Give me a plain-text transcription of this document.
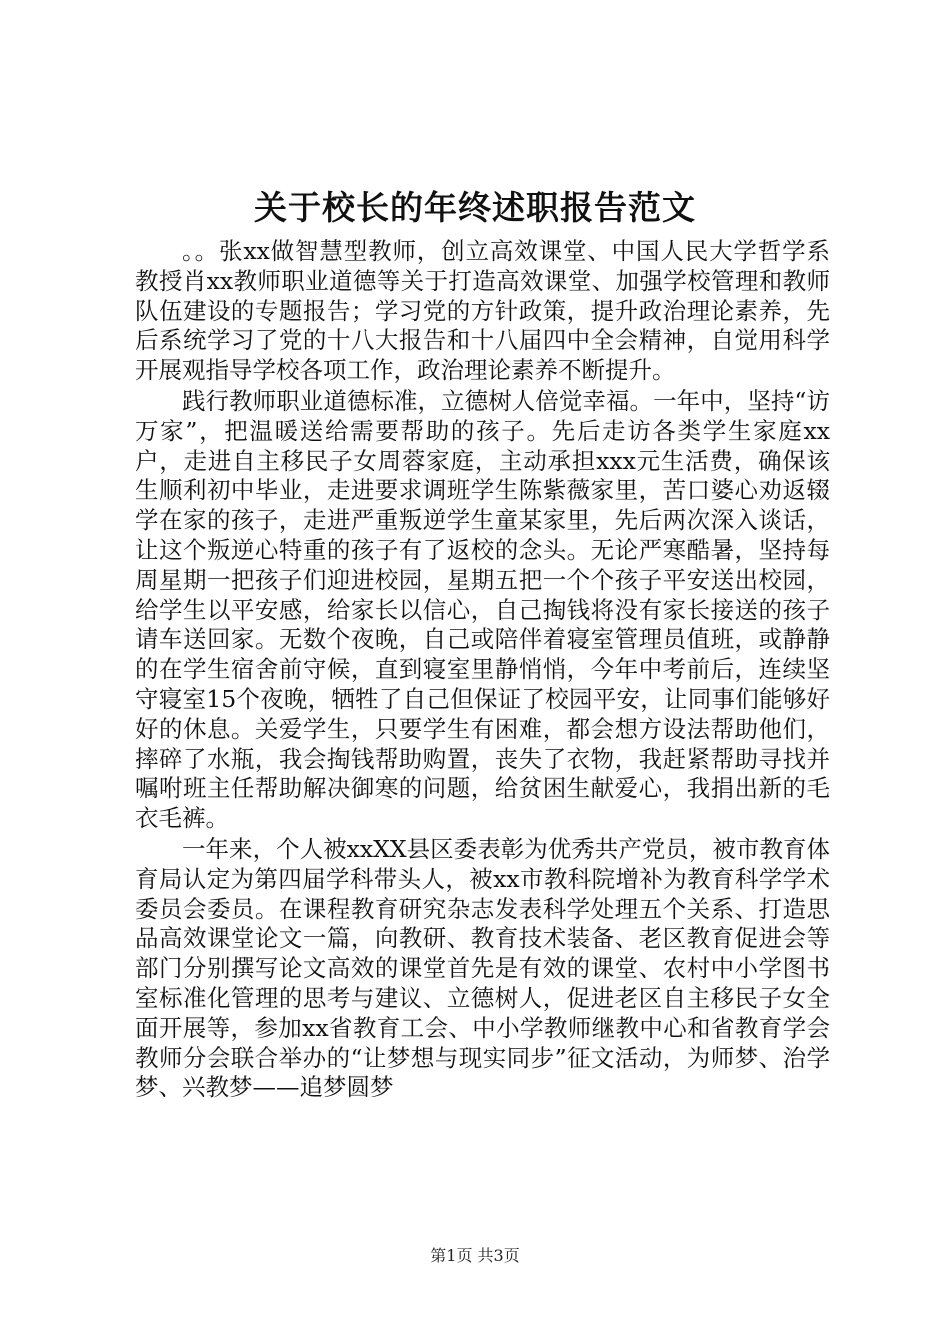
关于校长的年终述职报告范文

。。张xx做智慧型教师，创立高效课堂、中国人民大学哲学系教授肖xx教师职业道德等关于打造高效课堂、加强学校管理和教师队伍建设的专题报告；学习党的方针政策，提升政治理论素养，先后系统学习了党的十八大报告和十八届四中全会精神，自觉用科学开展观指导学校各项工作，政治理论素养不断提升。

践行教师职业道德标准，立德树人倍觉幸福。一年中，坚持“访万家”，把温暖送给需要帮助的孩子。先后走访各类学生家庭xx户，走进自主移民子女周蓉家庭，主动承担xxx元生活费，确保该生顺利初中毕业，走进要求调班学生陈紫薇家里，苦口婆心劝返辍学在家的孩子，走进严重叛逆学生童某家里，先后两次深入谈话，让这个叛逆心特重的孩子有了返校的念头。无论严寒酷暑，坚持每周星期一把孩子们迎进校园，星期五把一个个孩子平安送出校园，给学生以平安感，给家长以信心，自己掏钱将没有家长接送的孩子请车送回家。无数个夜晚，自己或陪伴着寝室管理员值班，或静静的在学生宿舍前守候，直到寝室里静悄悄，今年中考前后，连续坚守寝室15个夜晚，牺牲了自己但保证了校园平安，让同事们能够好好的休息。关爱学生，只要学生有困难，都会想方设法帮助他们，摔碎了水瓶，我会掏钱帮助购置，丧失了衣物，我赶紧帮助寻找并嘱咐班主任帮助解决御寒的问题，给贫困生献爱心，我捐出新的毛衣毛裤。

一年来，个人被xxXX县区委表彰为优秀共产党员，被市教育体育局认定为第四届学科带头人，被xx市教科院增补为教育科学学术委员会委员。在课程教育研究杂志发表科学处理五个关系、打造思品高效课堂论文一篇，向教研、教育技术装备、老区教育促进会等部门分别撰写论文高效的课堂首先是有效的课堂、农村中小学图书室标准化管理的思考与建议、立德树人，促进老区自主移民子女全面开展等，参加xx省教育工会、中小学教师继教中心和省教育学会教师分会联合举办的“让梦想与现实同步”征文活动，为师梦、治学梦、兴教梦——追梦圆梦

第1页 共3页
